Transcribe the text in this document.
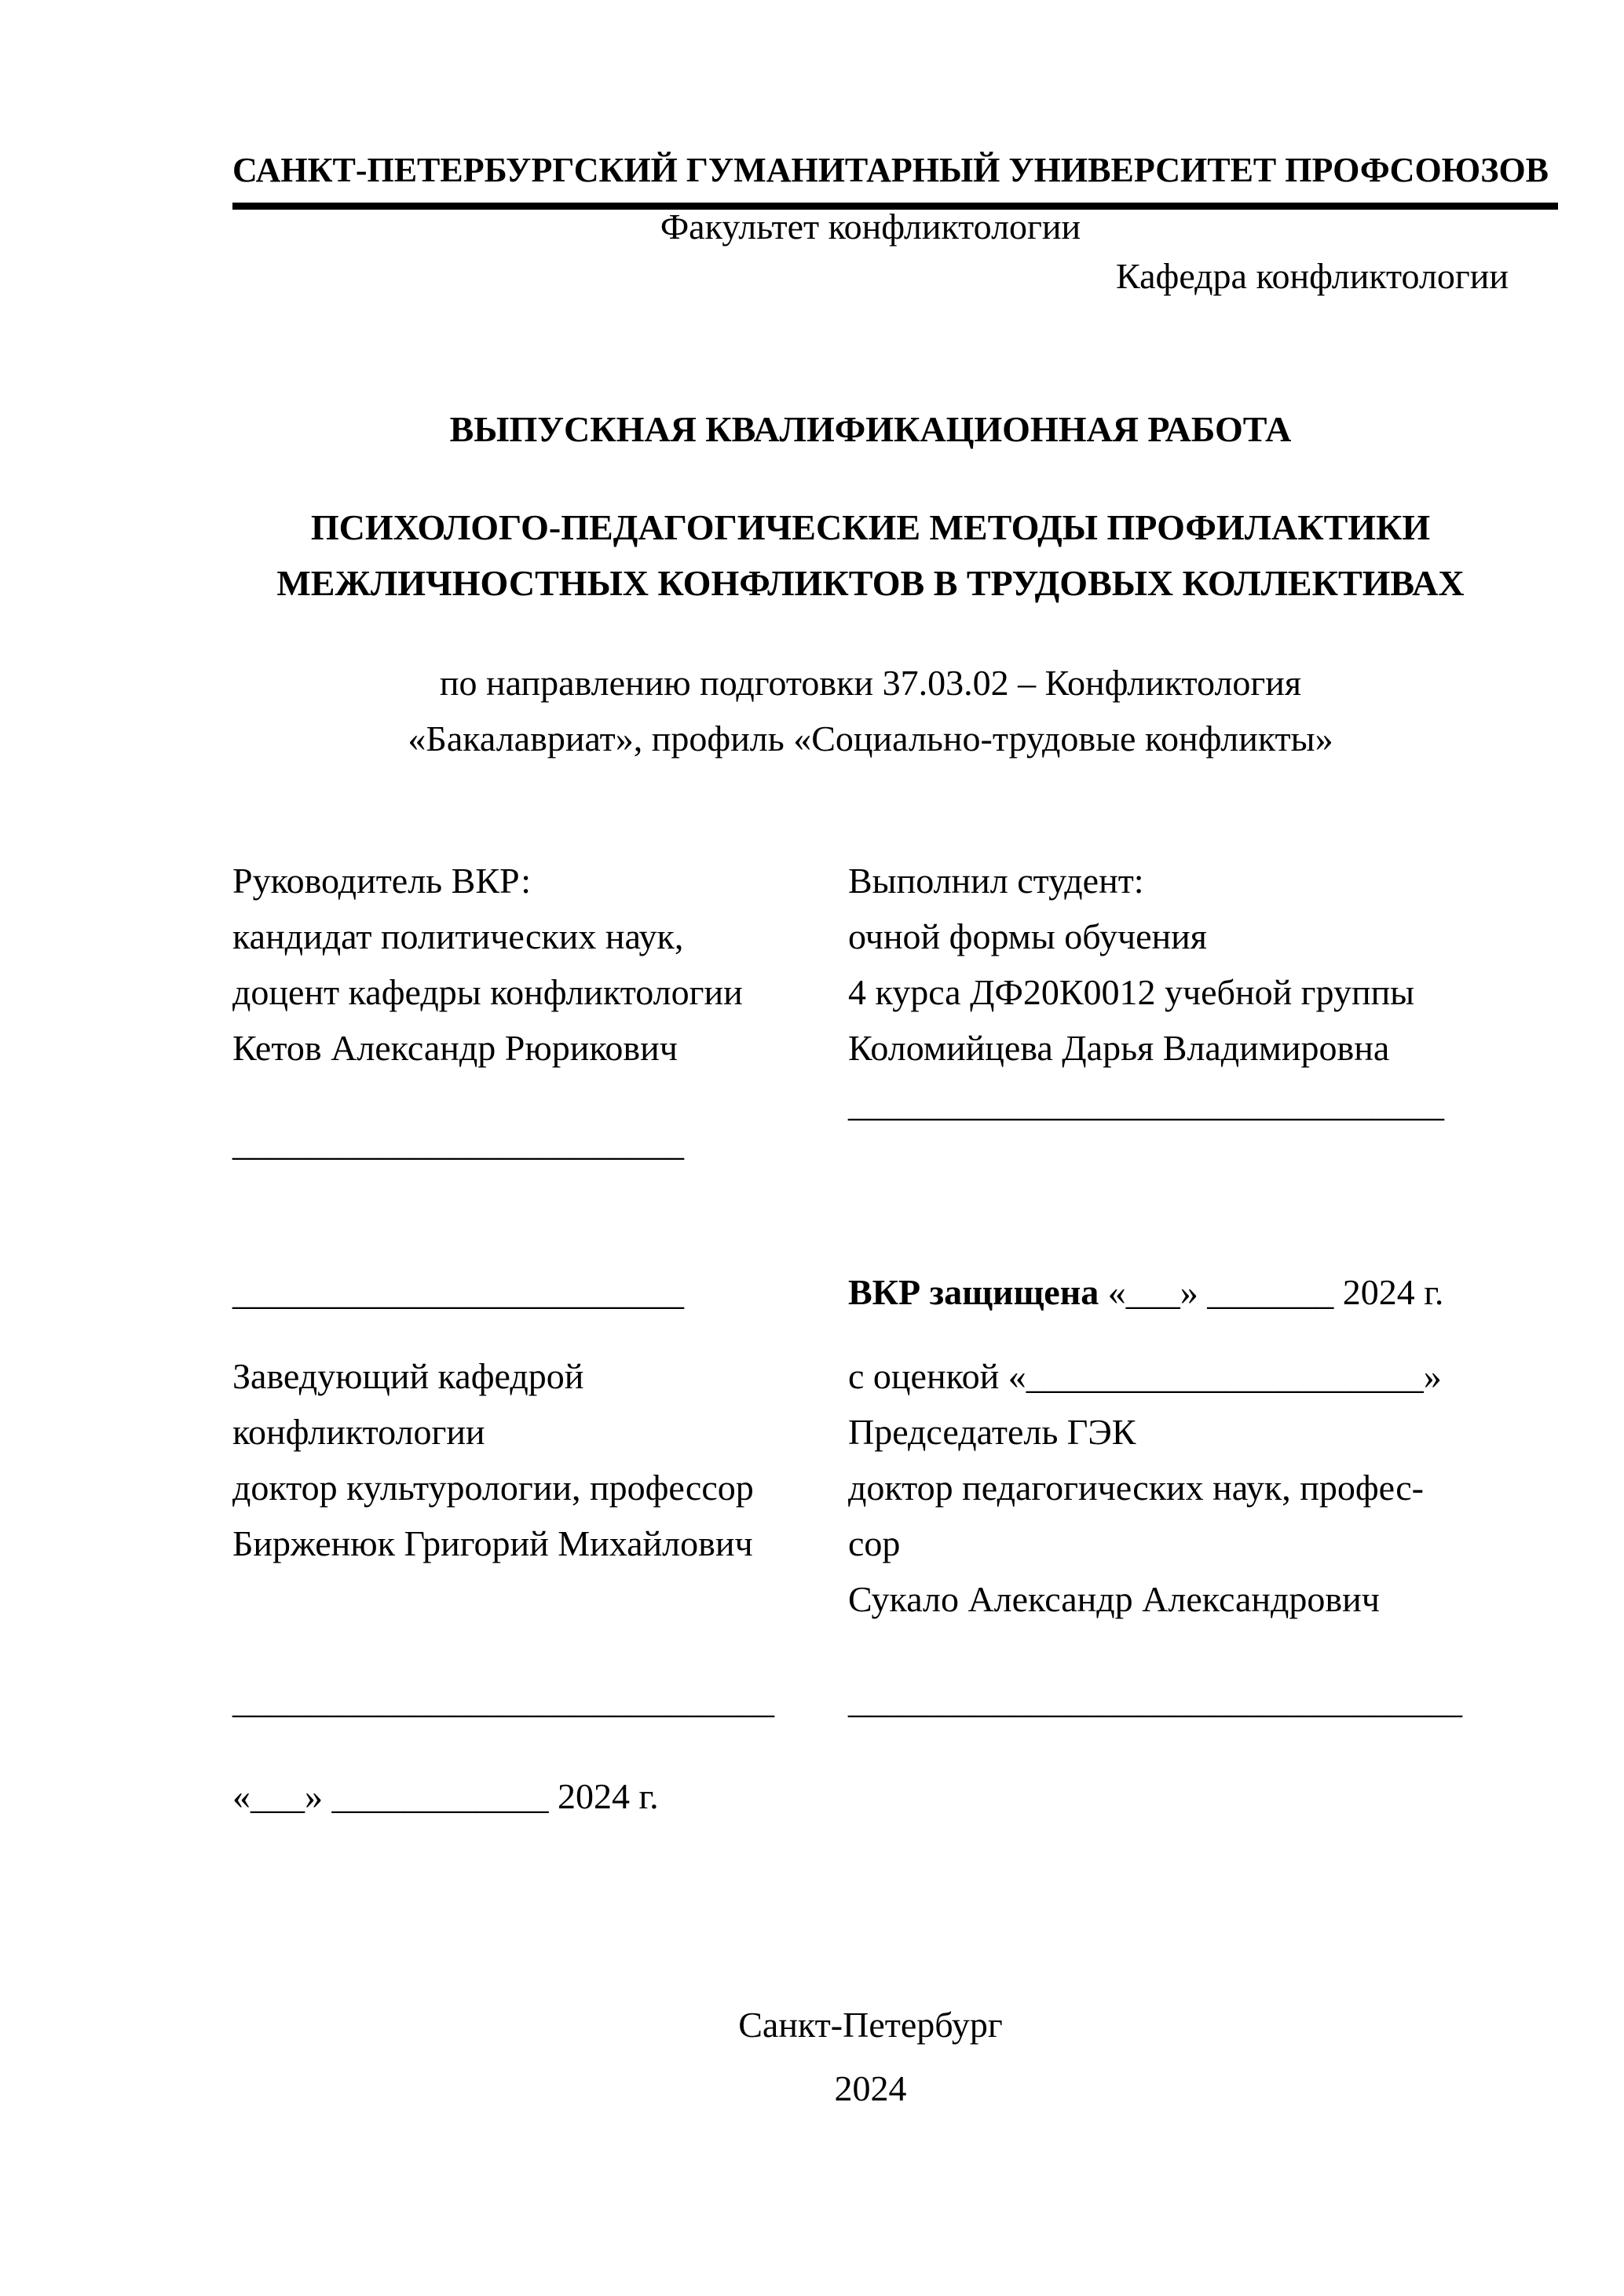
САНКТ-ПЕТЕРБУРГСКИЙ ГУМАНИТАРНЫЙ УНИВЕРСИТЕТ ПРОФСОЮЗОВ
Факультет конфликтологии
Кафедра конфликтологии
ВЫПУСКНАЯ КВАЛИФИКАЦИОННАЯ РАБОТА
ПСИХОЛОГО-ПЕДАГОГИЧЕСКИЕ МЕТОДЫ ПРОФИЛАКТИКИ
МЕЖЛИЧНОСТНЫХ КОНФЛИКТОВ В ТРУДОВЫХ КОЛЛЕКТИВАХ
по направлению подготовки 37.03.02 – Конфликтология
«Бакалавриат», профиль «Социально-трудовые конфликты»
Руководитель ВКР:
кандидат политических наук,
доцент кафедры конфликтологии
Кетов Александр Рюрикович
Выполнил студент:
очной формы обучения
4 курса ДФ20К0012 учебной группы
Коломийцева Дарья Владимировна
_________________________________
_________________________
_________________________	ВКР защищена «___» _______ 2024 г.
Заведующий кафедрой
конфликтологии
доктор культурологии, профессор
Бирженюк Григорий Михайлович
с оценкой «______________________»
Председатель ГЭК
доктор педагогических наук, профес-
сор
Сукало Александр Александрович
______________________________ __________________________________
«___» ____________ 2024 г.
Санкт-Петербург
2024
